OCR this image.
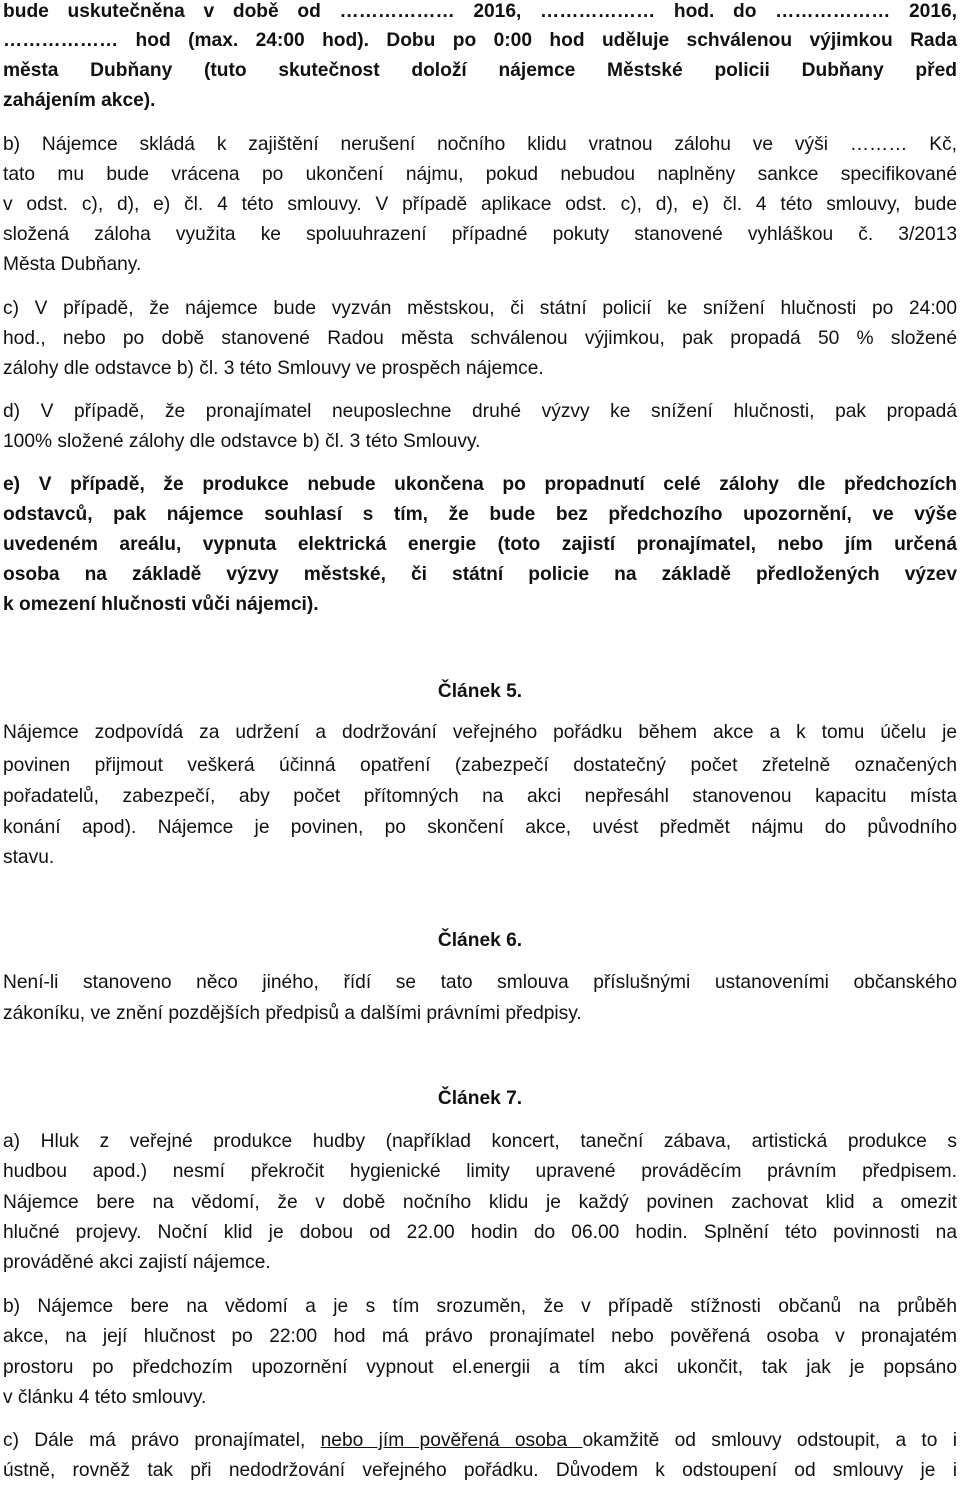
bude uskutečněna v době od ……………… 2016, ……………… hod. do ……………… 2016,
……………… hod (max. 24:00 hod). Dobu po 0:00 hod uděluje schválenou výjimkou Rada
města Dubňany (tuto skutečnost doloží nájemce Městské policii Dubňany před
zahájením akce).
b) Nájemce skládá k zajištění nerušení nočního klidu vratnou zálohu ve výši ……… Kč,
tato mu bude vrácena po ukončení nájmu, pokud nebudou naplněny sankce specifikované
v odst. c), d), e) čl. 4 této smlouvy. V případě aplikace odst. c), d), e) čl. 4 této smlouvy, bude
složená záloha využita ke spoluuhrazení případné pokuty stanovené vyhláškou č. 3/2013
Města Dubňany.
c) V případě, že nájemce bude vyzván městskou, či státní policií ke snížení hlučnosti po 24:00
hod., nebo po době stanovené Radou města schválenou výjimkou, pak propadá 50 % složené
zálohy dle odstavce b) čl. 3 této Smlouvy ve prospěch nájemce.
d) V případě, že pronajímatel neuposlechne druhé výzvy ke snížení hlučnosti, pak propadá
100% složené zálohy dle odstavce b) čl. 3 této Smlouvy.
e) V případě, že produkce nebude ukončena po propadnutí celé zálohy dle předchozích
odstavců, pak nájemce souhlasí s tím, že bude bez předchozího upozornění, ve výše
uvedeném areálu, vypnuta elektrická energie (toto zajistí pronajímatel, nebo jím určená
osoba na základě výzvy městské, či státní policie na základě předložených výzev
k omezení hlučnosti vůči nájemci).
Článek 5.
Nájemce zodpovídá za udržení a dodržování veřejného pořádku během akce a k tomu účelu je
povinen přijmout veškerá účinná opatření (zabezpečí dostatečný počet zřetelně označených
pořadatelů, zabezpečí, aby počet přítomných na akci nepřesáhl stanovenou kapacitu místa
konání apod). Nájemce je povinen, po skončení akce, uvést předmět nájmu do původního
stavu.
Článek 6.
Není-li stanoveno něco jiného, řídí se tato smlouva příslušnými ustanoveními občanského
zákoníku, ve znění pozdějších předpisů a dalšími právními předpisy.
Článek 7.
a) Hluk z veřejné produkce hudby (například koncert, taneční zábava, artistická produkce s
hudbou apod.) nesmí překročit hygienické limity upravené prováděcím právním předpisem.
Nájemce bere na vědomí, že v době nočního klidu je každý povinen zachovat klid a omezit
hlučné projevy. Noční klid je dobou od 22.00 hodin do 06.00 hodin. Splnění této povinnosti na
prováděné akci zajistí nájemce.
b) Nájemce bere na vědomí a je s tím srozuměn, že v případě stížnosti občanů na průběh
akce, na její hlučnost po 22:00 hod má právo pronajímatel nebo pověřená osoba v pronajatém
prostoru po předchozím upozornění vypnout el.energii a tím akci ukončit, tak jak je popsáno
v článku 4 této smlouvy.
c) Dále má právo pronajímatel, nebo jím pověřená osoba okamžitě od smlouvy odstoupit, a to i
ústně, rovněž tak při nedodržování veřejného pořádku. Důvodem k odstoupení od smlouvy je i
